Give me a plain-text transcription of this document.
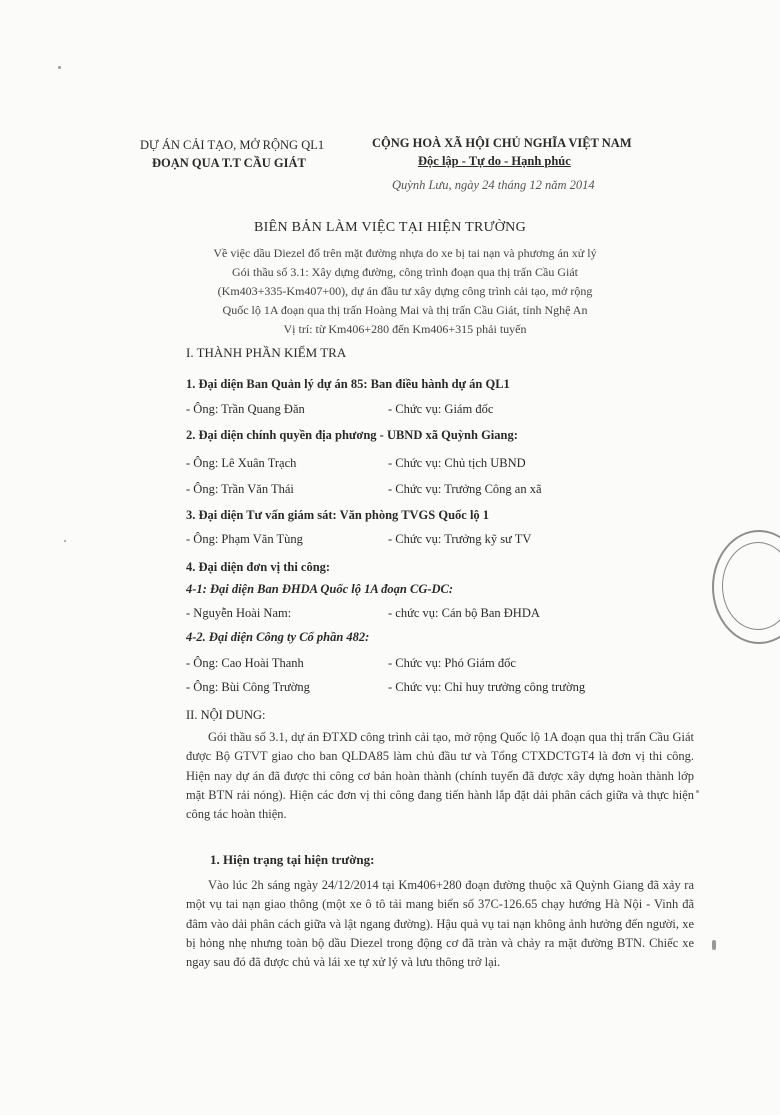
DỰ ÁN CẢI TẠO, MỞ RỘNG QL1
ĐOẠN QUA T.T CẦU GIÁT
CỘNG HOÀ XÃ HỘI CHỦ NGHĨA VIỆT NAM
Độc lập - Tự do - Hạnh phúc
Quỳnh Lưu, ngày 24 tháng 12 năm 2014
BIÊN BẢN LÀM VIỆC TẠI HIỆN TRƯỜNG
Về việc dầu Diezel đổ trên mặt đường nhựa do xe bị tai nạn và phương án xử lý
Gói thầu số 3.1: Xây dựng đường, công trình đoạn qua thị trấn Cầu Giát
(Km403+335-Km407+00), dự án đầu tư xây dựng công trình cải tạo, mở rộng
Quốc lộ 1A đoạn qua thị trấn Hoàng Mai và thị trấn Cầu Giát, tỉnh Nghệ An
Vị trí: từ Km406+280 đến Km406+315 phải tuyến
I. THÀNH PHẦN KIỂM TRA
1. Đại diện Ban Quản lý dự án 85: Ban điều hành dự án QL1
- Ông: Trần Quang Đăn	- Chức vụ: Giám đốc
2. Đại diện chính quyền địa phương - UBND xã Quỳnh Giang:
- Ông: Lê Xuân Trạch	- Chức vụ: Chủ tịch UBND
- Ông: Trần Văn Thái	- Chức vụ: Trưởng Công an xã
3. Đại diện Tư vấn giám sát: Văn phòng TVGS Quốc lộ 1
- Ông: Phạm Văn Tùng	- Chức vụ: Trưởng kỹ sư TV
4. Đại diện đơn vị thi công:
4-1: Đại diện Ban ĐHDA Quốc lộ 1A đoạn CG-DC:
- Nguyễn Hoài Nam:	- chức vụ: Cán bộ Ban ĐHDA
4-2. Đại diện Công ty Cổ phần 482:
- Ông: Cao Hoài Thanh	- Chức vụ: Phó Giám đốc
- Ông: Bùi Công Trường	- Chức vụ: Chỉ huy trưởng công trường
II. NỘI DUNG:
Gói thầu số 3.1, dự án ĐTXD công trình cải tạo, mở rộng Quốc lộ 1A đoạn qua thị trấn Cầu Giát được Bộ GTVT giao cho ban QLDA85 làm chủ đầu tư và Tổng CTXDCTGT4 là đơn vị thi công. Hiện nay dự án đã được thi công cơ bản hoàn thành (chính tuyến đã được xây dựng hoàn thành lớp mặt BTN rải nóng). Hiện các đơn vị thi công đang tiến hành lắp đặt dải phân cách giữa và thực hiện công tác hoàn thiện.
1. Hiện trạng tại hiện trường:
Vào lúc 2h sáng ngày 24/12/2014 tại Km406+280 đoạn đường thuộc xã Quỳnh Giang đã xảy ra một vụ tai nạn giao thông (một xe ô tô tải mang biển số 37C-126.65 chạy hướng Hà Nội - Vinh đã đâm vào dải phân cách giữa và lật ngang đường). Hậu quả vụ tai nạn không ảnh hưởng đến người, xe bị hỏng nhẹ nhưng toàn bộ dầu Diezel trong động cơ đã tràn và chảy ra mặt đường BTN. Chiếc xe ngay sau đó đã được chủ và lái xe tự xử lý và lưu thông trở lại.
